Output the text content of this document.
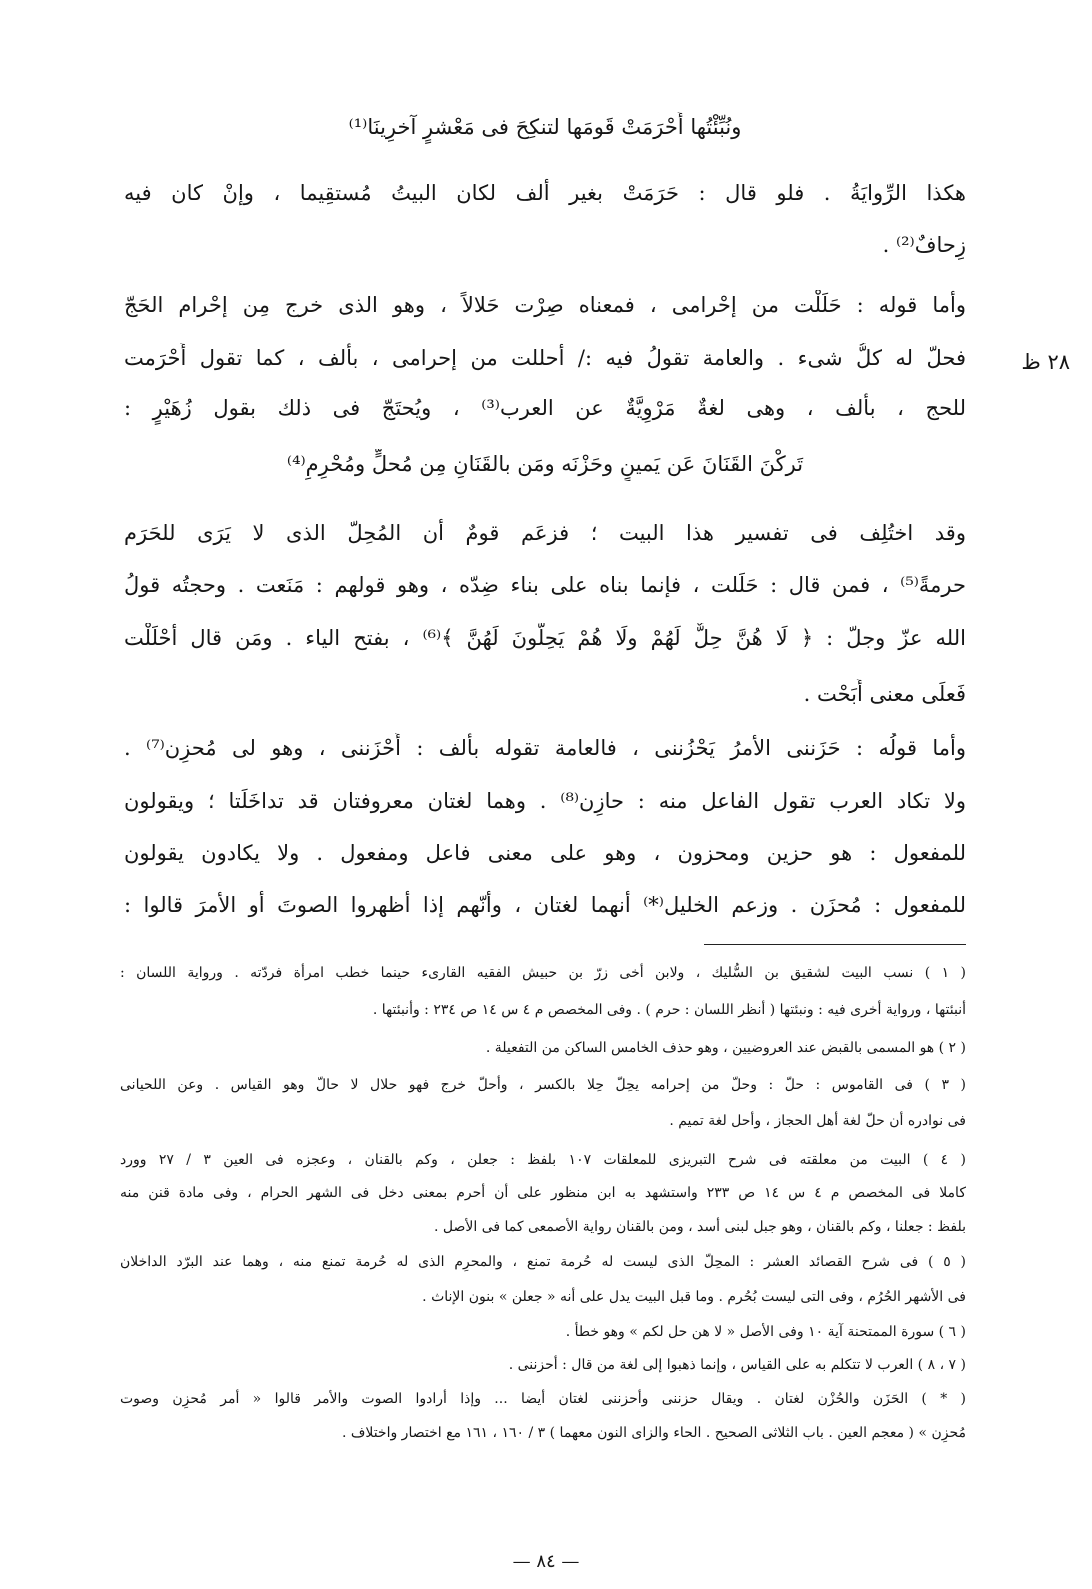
ونُبِّئْتُها أَحْرَمَتْ قَومَها لتنكِحَ فى مَعْشرٍ آخرِينَا⁽¹⁾
هكذا الرِّوايَةُ . فلو قال : حَرَمَتْ بغير ألف لكان البيتُ مُستقِيما ، وإنْ كان فيه
زِحافٌ⁽²⁾ .
وأما قوله : حَلَلْت من إحْرامى ، فمعناه صِرْت حَلالاً ، وهو الذى خرج مِن إحْرام الحَجّ
فحلّ له كلُّ شىء . والعامة تقولُ فيه :/ أحللت من إحرامى ، بألف ، كما تقول أَحْرَمت
للحج ، بألف ، وهى لغةٌ مَرْوِيَّةٌ عن العرب⁽³⁾ ، ويُحتَجّ فى ذلك بقول زُهَيْرٍ :
٢٨ ظ
تَركْنَ القَنَانَ عَن يَمينٍ وحَزْنَه ومَن بالقَنَانِ مِن مُحلٍّ ومُحْرِمِ⁽⁴⁾
وقد اختُلِف فى تفسير هذا البيت ؛ فزعَم قومٌ أن المُحِلّ الذى لا يَرَى للحَرَم
حرمةً⁽⁵⁾ ، فمن قال : حَلَلت ، فإنما بناه على بناء ضِدّه ، وهو قولهم : مَنَعت . وحجتُه قولُ
الله عزّ وجلّ : ﴿ لَا هُنَّ حِلٌّ لَهُمْ ولَا هُمْ يَحِلُّونَ لَهُنَّ ﴾⁽⁶⁾ ، بفتح الياء . ومَن قال أحْلَلْت
فَعلَى معنى أَبَحْت .
وأما قولُه : حَزَننى الأمرُ يَحْزُننى ، فالعامة تقوله بألف : أَحْزَننى ، وهو لى مُحزِن⁽⁷⁾ .
ولا تكاد العرب تقول الفاعل منه : حازِن⁽⁸⁾ . وهما لغتان معروفتان قد تداخَلَتا ؛ ويقولون
للمفعول : هو حزين ومحزون ، وهو على معنى فاعل ومفعول . ولا يكادون يقولون
للمفعول : مُحزَن . وزعم الخليل⁽*⁾ أنهما لغتان ، وأنّهم إذا أظهروا الصوتَ أو الأمرَ قالوا :
( ١ ) نسب البيت لشقيق بن السُّليك ، ولابن أخى زرّ بن حبيش الفقيه القارىء حينما خطب امرأة فردّته . ورواية اللسان :
أنبئتها ، ورواية أخرى فيه : ونبئتها ( أنظر اللسان : حرم ) . وفى المخصص م ٤ س ١٤ ص ٢٣٤ : وأنبئتها .
( ٢ ) هو المسمى بالقبض عند العروضيين ، وهو حذف الخامس الساكن من التفعيلة .
( ٣ ) فى القاموس : حلّ : وحلّ من إحرامه يحِلّ حِلا بالكسر ، وأحلّ خرج فهو حلال لا حالّ وهو القياس . وعن اللحيانى
فى نوادره أن حلّ لغة أهل الحجاز ، وأحل لغة تميم .
( ٤ ) البيت من معلقته فى شرح التبريزى للمعلقات ١٠٧ بلفظ : جعلن ، وكم بالقنان ، وعجزه فى العين ٣ / ٢٧ وورد
كاملا فى المخصص م ٤ س ١٤ ص ٢٣٣ واستشهد به ابن منظور على أن أحرم بمعنى دخل فى الشهر الحرام ، وفى مادة قنن منه
بلفظ : جعلنا ، وكم بالقنان ، وهو جبل لبنى أسد ، ومن بالقنان رواية الأصمعى كما فى الأصل .
( ٥ ) فى شرح القصائد العشر : المحِلّ الذى ليست له حُرمة تمنع ، والمحرِم الذى له حُرمة تمنع منه ، وهما عند البرّد الداخلان
فى الأشهر الحُرُم ، وفى التى ليست بُحُرم . وما قبل البيت يدل على أنه « جعلن » بنون الإناث .
( ٦ ) سورة الممتحنة آية ١٠ وفى الأصل « لا هن حل لكم » وهو خطأ .
( ٧ ، ٨ ) العرب لا تتكلم به على القياس ، وإنما ذهبوا إلى لغة من قال : أحزننى .
( * ) الحَزَن والحُزْن لغتان . ويقال حزننى وأحزننى لغتان أيضا ... وإذا أرادوا الصوت والأمر قالوا « أمر مُحزِن وصوت
مُحزِن » ( معجم العين . باب الثلاثى الصحيح . الحاء والزاى النون معهما ) ٣ / ١٦٠ ، ١٦١ مع اختصار واختلاف .
— ٨٤ —
